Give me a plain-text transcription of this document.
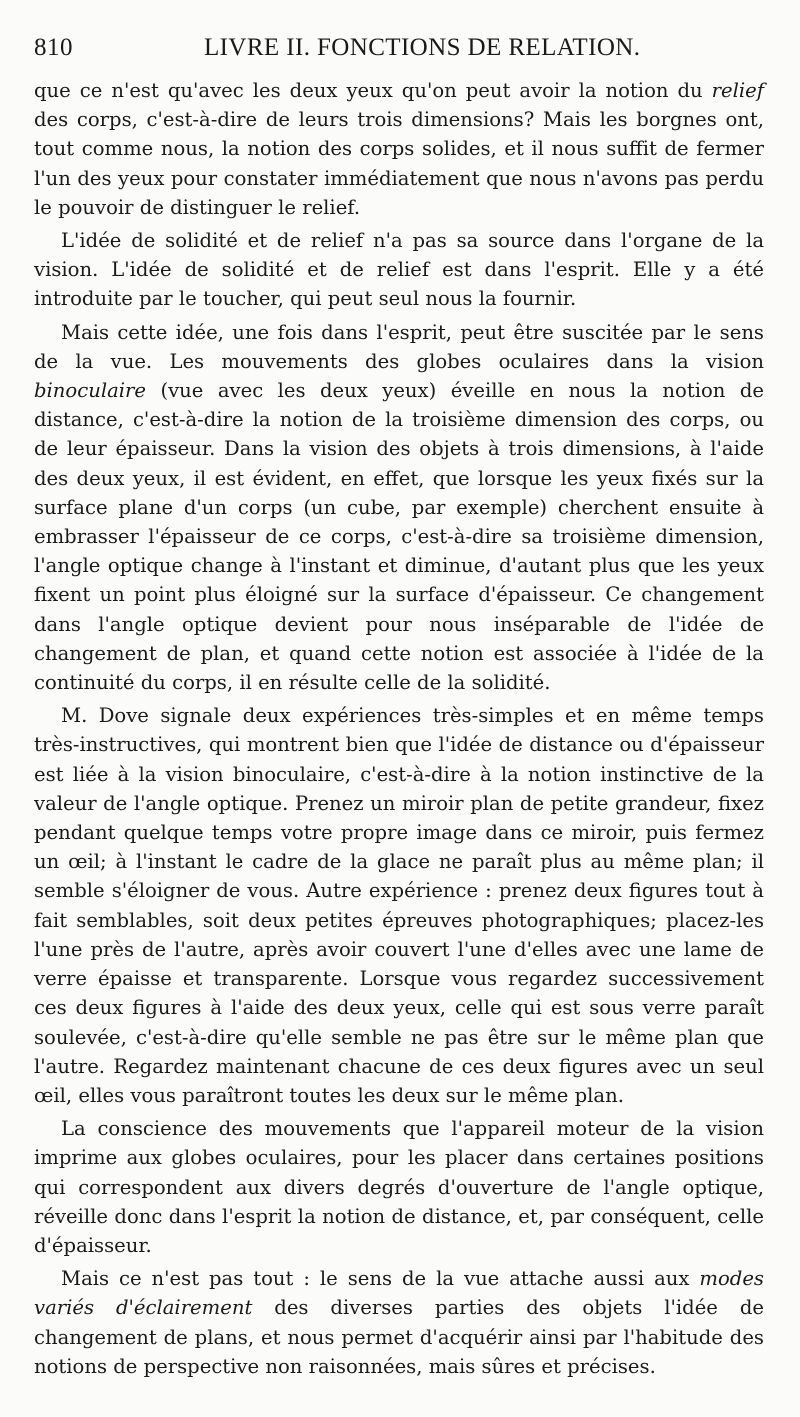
810	LIVRE II. FONCTIONS DE RELATION.

que ce n'est qu'avec les deux yeux qu'on peut avoir la notion du relief des corps, c'est-à-dire de leurs trois dimensions? Mais les borgnes ont, tout comme nous, la notion des corps solides, et il nous suffit de fermer l'un des yeux pour constater immédiatement que nous n'avons pas perdu le pouvoir de distinguer le relief.

L'idée de solidité et de relief n'a pas sa source dans l'organe de la vision. L'idée de solidité et de relief est dans l'esprit. Elle y a été introduite par le toucher, qui peut seul nous la fournir.

Mais cette idée, une fois dans l'esprit, peut être suscitée par le sens de la vue. Les mouvements des globes oculaires dans la vision binoculaire (vue avec les deux yeux) éveille en nous la notion de distance, c'est-à-dire la notion de la troisième dimension des corps, ou de leur épaisseur. Dans la vision des objets à trois dimensions, à l'aide des deux yeux, il est évident, en effet, que lorsque les yeux fixés sur la surface plane d'un corps (un cube, par exemple) cherchent ensuite à embrasser l'épaisseur de ce corps, c'est-à-dire sa troisième dimension, l'angle optique change à l'instant et diminue, d'autant plus que les yeux fixent un point plus éloigné sur la surface d'épaisseur. Ce changement dans l'angle optique devient pour nous inséparable de l'idée de changement de plan, et quand cette notion est associée à l'idée de la continuité du corps, il en résulte celle de la solidité.

M. Dove signale deux expériences très-simples et en même temps très-instructives, qui montrent bien que l'idée de distance ou d'épaisseur est liée à la vision binoculaire, c'est-à-dire à la notion instinctive de la valeur de l'angle optique. Prenez un miroir plan de petite grandeur, fixez pendant quelque temps votre propre image dans ce miroir, puis fermez un œil; à l'instant le cadre de la glace ne paraît plus au même plan; il semble s'éloigner de vous. Autre expérience : prenez deux figures tout à fait semblables, soit deux petites épreuves photographiques; placez-les l'une près de l'autre, après avoir couvert l'une d'elles avec une lame de verre épaisse et transparente. Lorsque vous regardez successivement ces deux figures à l'aide des deux yeux, celle qui est sous verre paraît soulevée, c'est-à-dire qu'elle semble ne pas être sur le même plan que l'autre. Regardez maintenant chacune de ces deux figures avec un seul œil, elles vous paraîtront toutes les deux sur le même plan.

La conscience des mouvements que l'appareil moteur de la vision imprime aux globes oculaires, pour les placer dans certaines positions qui correspondent aux divers degrés d'ouverture de l'angle optique, réveille donc dans l'esprit la notion de distance, et, par conséquent, celle d'épaisseur.

Mais ce n'est pas tout : le sens de la vue attache aussi aux modes variés d'éclairement des diverses parties des objets l'idée de changement de plans, et nous permet d'acquérir ainsi par l'habitude des notions de perspective non raisonnées, mais sûres et précises.
